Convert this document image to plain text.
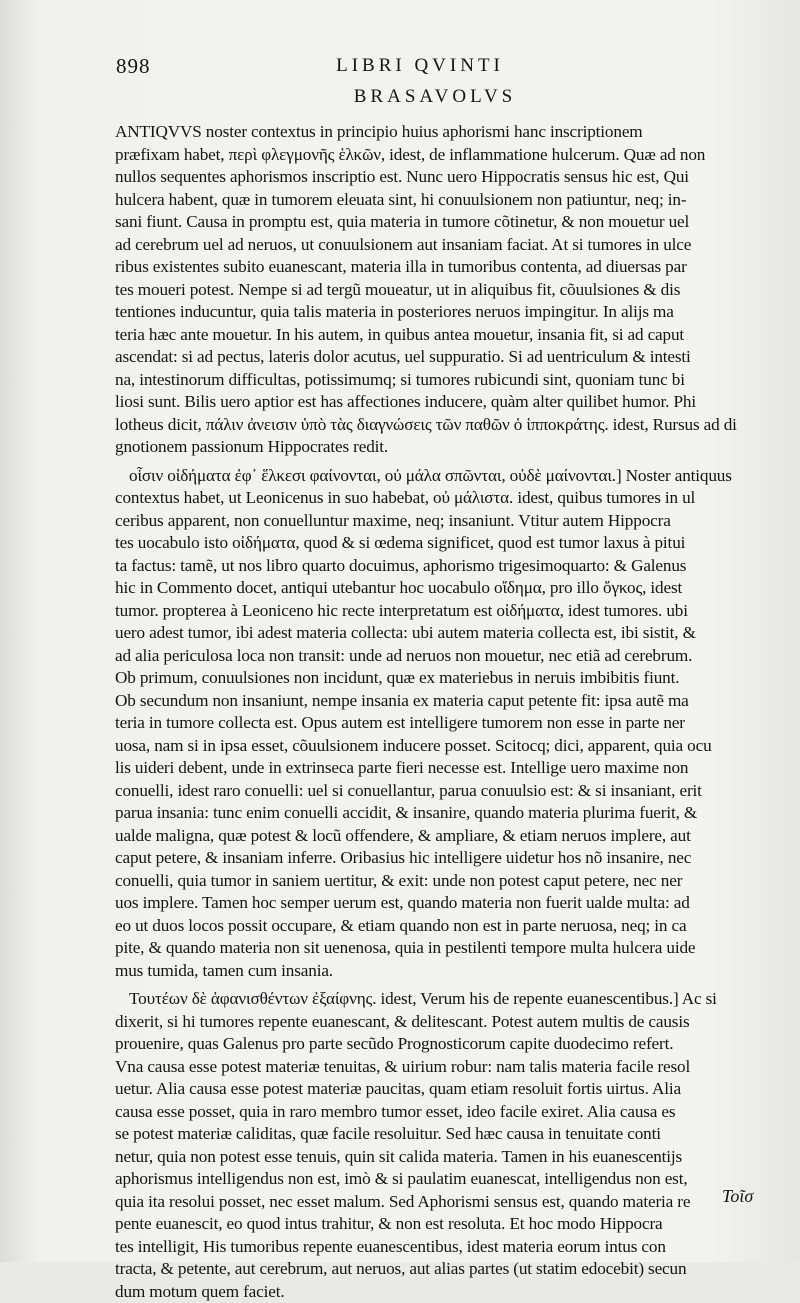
898	LIBRI QVINTI
BRASAVOLVS
ANTIQVVS noster contextus in principio huius aphorismi hanc inscriptionem
præfixam habet, περὶ φλεγμονῆς ἑλκῶν, idest, de inflammatione hulcerum. Quæ ad non
nullos sequentes aphorismos inscriptio est. Nunc uero Hippocratis sensus hic est, Qui
hulcera habent, quæ in tumorem eleuata sint, hi conuulsionem non patiuntur, neq; in-
sani fiunt. Causa in promptu est, quia materia in tumore cõtinetur, & non mouetur uel
ad cerebrum uel ad neruos, ut conuulsionem aut insaniam faciat. At si tumores in ulce
ribus existentes subito euanescant, materia illa in tumoribus contenta, ad diuersas par
tes moueri potest. Nempe si ad tergũ moueatur, ut in aliquibus fit, cõuulsiones & dis
tentiones inducuntur, quia talis materia in posteriores neruos impingitur. In alijs ma
teria hæc ante mouetur. In his autem, in quibus antea mouetur, insania fit, si ad caput
ascendat: si ad pectus, lateris dolor acutus, uel suppuratio. Si ad uentriculum & intesti
na, intestinorum difficultas, potissimumq; si tumores rubicundi sint, quoniam tunc bi
liosi sunt. Bilis uero aptior est has affectiones inducere, quàm alter quilibet humor. Phi
lotheus dicit, πάλιν ἀνεισιν ὑπὸ τὰς διαγνώσεις τῶν παθῶν ὁ ἱπποκράτης. idest, Rursus ad di
gnotionem passionum Hippocrates redit.
οἷσιν οἰδήματα ἐφ᾽ ἕλκεσι φαίνονται, οὐ μάλα σπῶνται, οὐδὲ μαίνονται.] Noster antiquus
contextus habet, ut Leonicenus in suo habebat, οὐ μάλιστα. idest, quibus tumores in ul
ceribus apparent, non conuelluntur maxime, neq; insaniunt. Vtitur autem Hippocra
tes uocabulo isto οἰδήματα, quod & si œdema significet, quod est tumor laxus à pitui
ta factus: tamẽ, ut nos libro quarto docuimus, aphorismo trigesimoquarto: & Galenus
hic in Commento docet, antiqui utebantur hoc uocabulo οἴδημα, pro illo ὄγκος, idest
tumor. propterea à Leoniceno hic recte interpretatum est οἰδήματα, idest tumores. ubi
uero adest tumor, ibi adest materia collecta: ubi autem materia collecta est, ibi sistit, &
ad alia periculosa loca non transit: unde ad neruos non mouetur, nec etiã ad cerebrum.
Ob primum, conuulsiones non incidunt, quæ ex materiebus in neruis imbibitis fiunt.
Ob secundum non insaniunt, nempe insania ex materia caput petente fit: ipsa autẽ ma
teria in tumore collecta est. Opus autem est intelligere tumorem non esse in parte ner
uosa, nam si in ipsa esset, cõuulsionem inducere posset. Scitocq; dici, apparent, quia ocu
lis uideri debent, unde in extrinseca parte fieri necesse est. Intellige uero maxime non
conuelli, idest raro conuelli: uel si conuellantur, parua conuulsio est: & si insaniant, erit
parua insania: tunc enim conuelli accidit, & insanire, quando materia plurima fuerit, &
ualde maligna, quæ potest & locũ offendere, & ampliare, & etiam neruos implere, aut
caput petere, & insaniam inferre. Oribasius hic intelligere uidetur hos nõ insanire, nec
conuelli, quia tumor in saniem uertitur, & exit: unde non potest caput petere, nec ner
uos implere. Tamen hoc semper uerum est, quando materia non fuerit ualde multa: ad
eo ut duos locos possit occupare, & etiam quando non est in parte neruosa, neq; in ca
pite, & quando materia non sit uenenosa, quia in pestilenti tempore multa hulcera uide
mus tumida, tamen cum insania.
Τουτέων δὲ ἀφανισθέντων ἐξαίφνης. idest, Verum his de repente euanescentibus.] Ac si
dixerit, si hi tumores repente euanescant, & delitescant. Potest autem multis de causis
prouenire, quas Galenus pro parte secũdo Prognosticorum capite duodecimo refert.
Vna causa esse potest materiæ tenuitas, & uirium robur: nam talis materia facile resol
uetur. Alia causa esse potest materiæ paucitas, quam etiam resoluit fortis uirtus. Alia
causa esse posset, quia in raro membro tumor esset, ideo facile exiret. Alia causa es
se potest materiæ caliditas, quæ facile resoluitur. Sed hæc causa in tenuitate conti
netur, quia non potest esse tenuis, quin sit calida materia. Tamen in his euanescentijs
aphorismus intelligendus non est, imò & si paulatim euanescat, intelligendus non est,
quia ita resolui posset, nec esset malum. Sed Aphorismi sensus est, quando materia re
pente euanescit, eo quod intus trahitur, & non est resoluta. Et hoc modo Hippocra
tes intelligit, His tumoribus repente euanescentibus, idest materia eorum intus con
tracta, & petente, aut cerebrum, aut neruos, aut alias partes (ut statim edocebit) secun
dum motum quem faciet.
Τοῖσ
